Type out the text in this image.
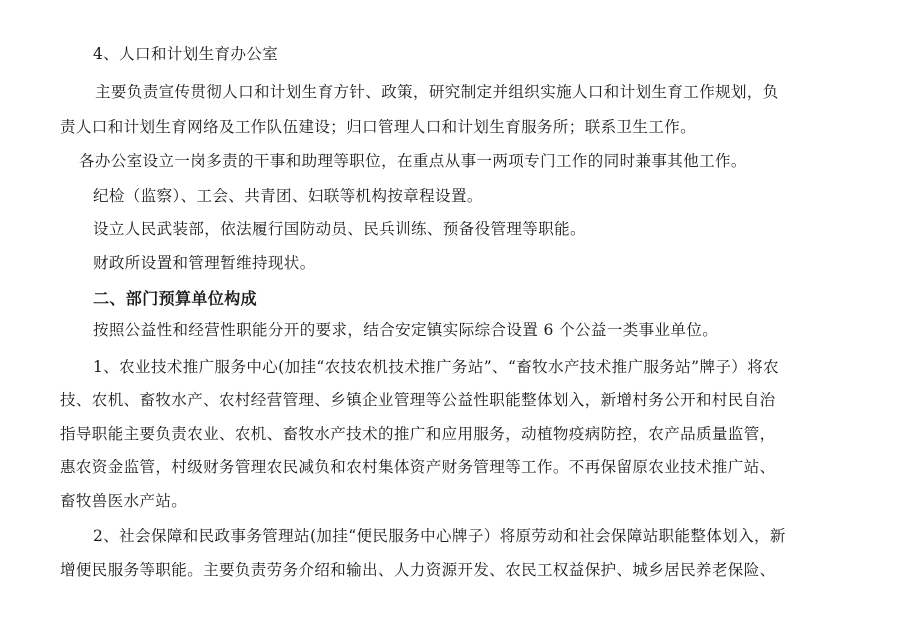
4、人口和计划生育办公室
主要负责宣传贯彻人口和计划生育方针、政策，研究制定并组织实施人口和计划生育工作规划，负
责人口和计划生育网络及工作队伍建设；归口管理人口和计划生育服务所；联系卫生工作。
各办公室设立一岗多责的干事和助理等职位，在重点从事一两项专门工作的同时兼事其他工作。
纪检（监察）、工会、共青团、妇联等机构按章程设置。
设立人民武装部，依法履行国防动员、民兵训练、预备役管理等职能。
财政所设置和管理暂维持现状。
二、部门预算单位构成
按照公益性和经营性职能分开的要求，结合安定镇实际综合设置 6 个公益一类事业单位。
1、农业技术推广服务中心(加挂“农技农机技术推广务站”、“畜牧水产技术推广服务站”牌子）将农
技、农机、畜牧水产、农村经营管理、乡镇企业管理等公益性职能整体划入，新增村务公开和村民自治
指导职能主要负责农业、农机、畜牧水产技术的推广和应用服务，动植物疫病防控，农产品质量监管，
惠农资金监管，村级财务管理农民减负和农村集体资产财务管理等工作。不再保留原农业技术推广站、
畜牧兽医水产站。
2、社会保障和民政事务管理站(加挂“便民服务中心牌子）将原劳动和社会保障站职能整体划入，新
增便民服务等职能。主要负责劳务介绍和输出、人力资源开发、农民工权益保护、城乡居民养老保险、
